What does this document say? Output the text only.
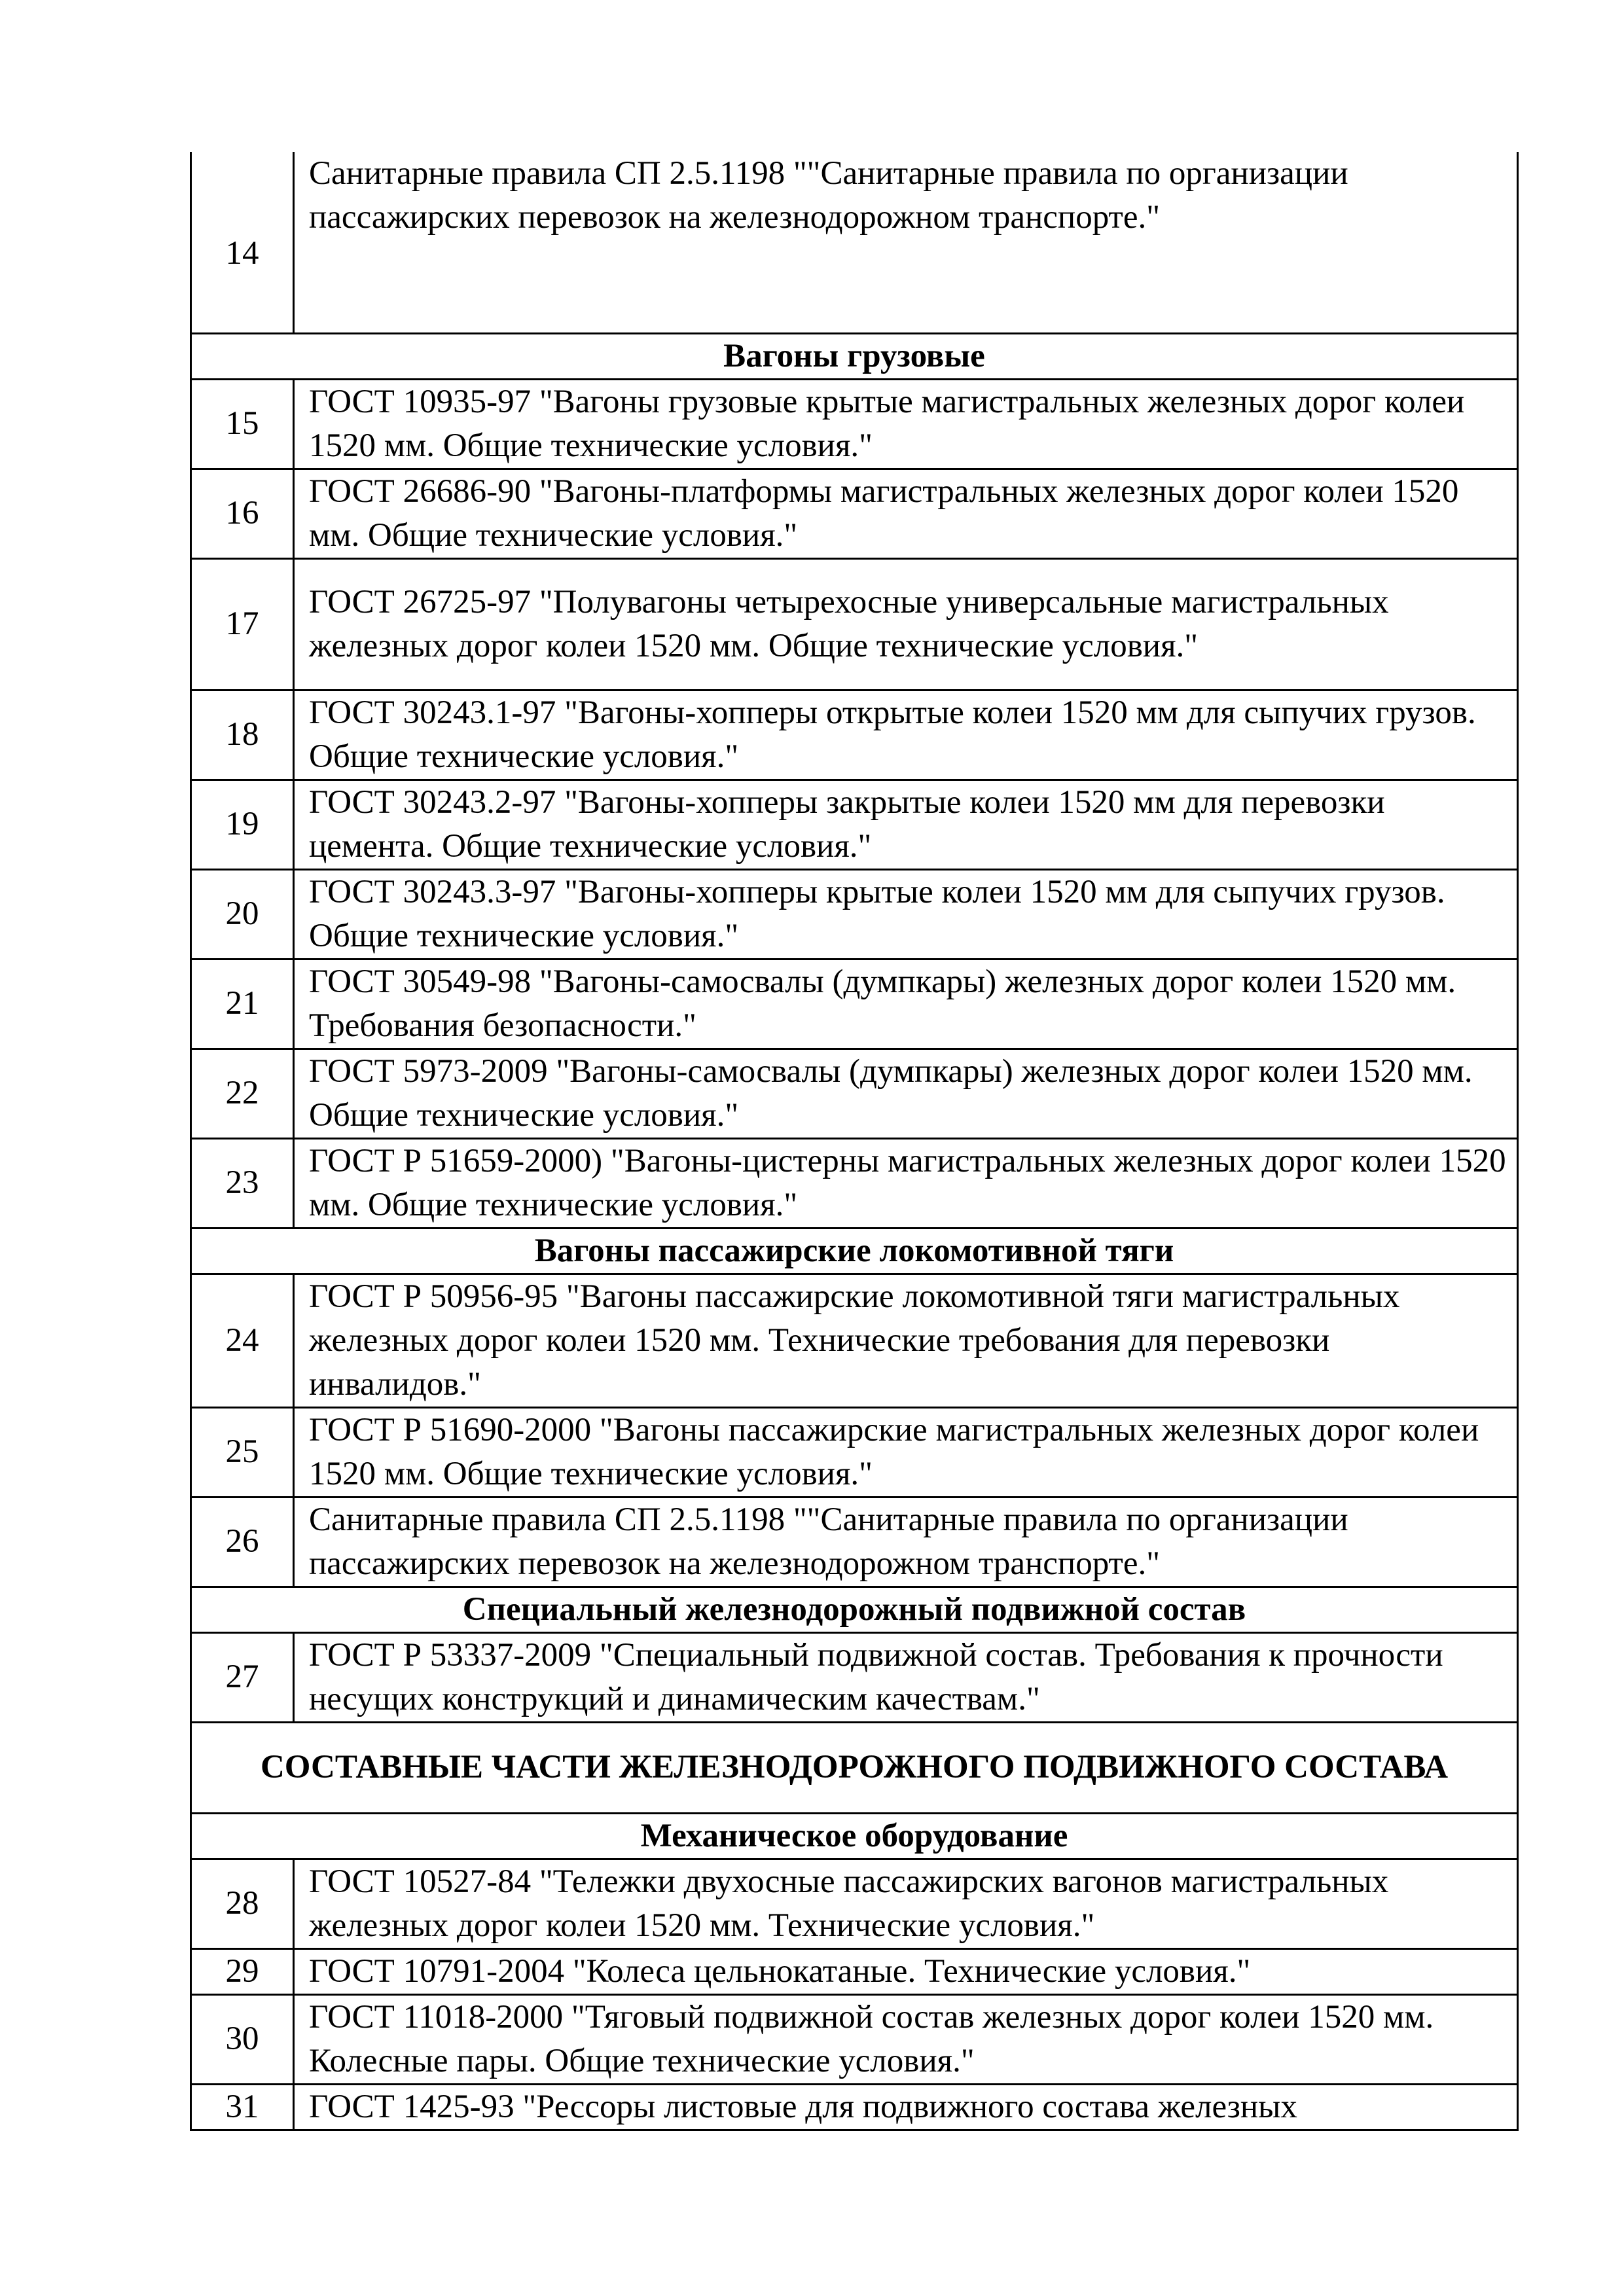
14	Санитарные правила СП 2.5.1198 ""Санитарные правила по организации пассажирских перевозок на железнодорожном транспорте."
Вагоны грузовые	
15	ГОСТ 10935-97 "Вагоны грузовые крытые магистральных железных дорог колеи 1520 мм. Общие технические условия."
16	ГОСТ 26686-90 "Вагоны-платформы магистральных железных дорог колеи 1520 мм. Общие технические условия."
17	ГОСТ 26725-97 "Полувагоны четырехосные универсальные магистральных железных дорог колеи 1520 мм. Общие технические условия."
18	ГОСТ 30243.1-97 "Вагоны-хопперы открытые колеи 1520 мм для сыпучих грузов. Общие технические условия."
19	ГОСТ 30243.2-97 "Вагоны-хопперы закрытые колеи 1520 мм для перевозки цемента. Общие технические условия."
20	ГОСТ 30243.3-97 "Вагоны-хопперы крытые колеи 1520 мм для сыпучих грузов. Общие технические условия."
21	ГОСТ 30549-98 "Вагоны-самосвалы (думпкары) железных дорог колеи 1520 мм. Требования безопасности."
22	ГОСТ 5973-2009 "Вагоны-самосвалы (думпкары) железных дорог колеи 1520 мм. Общие технические условия."
23	ГОСТ Р 51659-2000) "Вагоны-цистерны магистральных железных дорог колеи 1520 мм. Общие технические условия."
Вагоны пассажирские локомотивной тяги	
24	ГОСТ Р 50956-95 "Вагоны пассажирские локомотивной тяги магистральных железных дорог колеи 1520 мм. Технические требования для перевозки инвалидов."
25	ГОСТ Р 51690-2000 "Вагоны пассажирские магистральных железных дорог колеи 1520 мм. Общие технические условия."
26	Санитарные правила СП 2.5.1198 ""Санитарные правила по организации пассажирских перевозок на железнодорожном транспорте."
Специальный железнодорожный подвижной состав	
27	ГОСТ Р 53337-2009 "Специальный подвижной состав. Требования к прочности несущих конструкций и динамическим качествам."
СОСТАВНЫЕ ЧАСТИ ЖЕЛЕЗНОДОРОЖНОГО ПОДВИЖНОГО СОСТАВА	
Механическое оборудование	
28	ГОСТ 10527-84 "Тележки двухосные пассажирских вагонов магистральных железных дорог колеи 1520 мм. Технические условия."
29	ГОСТ 10791-2004 "Колеса цельнокатаные. Технические условия."
30	ГОСТ 11018-2000 "Тяговый подвижной состав железных дорог колеи 1520 мм. Колесные пары. Общие технические условия."
31	ГОСТ 1425-93 "Рессоры листовые для подвижного состава железных
